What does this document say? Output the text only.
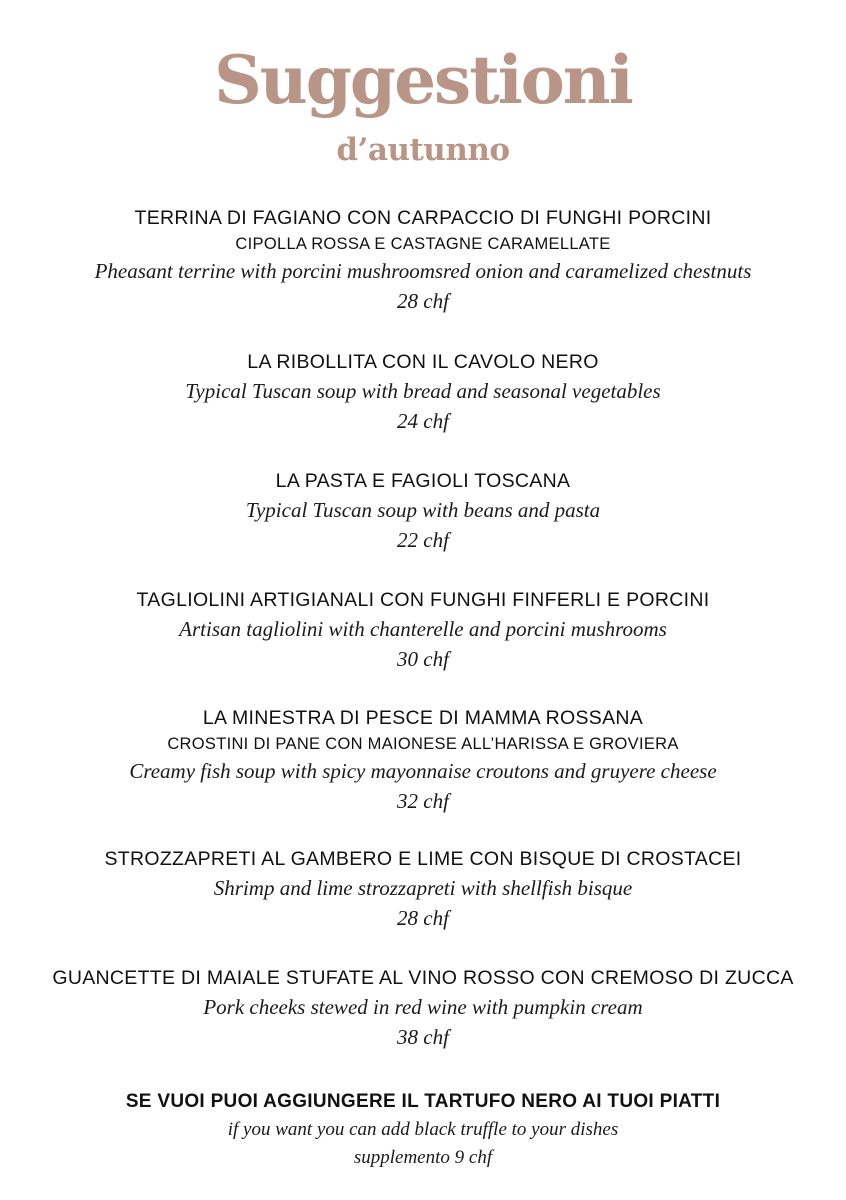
Suggestioni
d’autunno
TERRINA DI FAGIANO CON CARPACCIO DI FUNGHI PORCINI
CIPOLLA ROSSA E CASTAGNE CARAMELLATE
Pheasant terrine with porcini mushroomsred onion and caramelized chestnuts
28 chf
LA RIBOLLITA CON IL CAVOLO NERO
Typical Tuscan soup with bread and seasonal vegetables
24 chf
LA PASTA E FAGIOLI TOSCANA
Typical Tuscan soup with beans and pasta
22 chf
TAGLIOLINI ARTIGIANALI CON FUNGHI FINFERLI E PORCINI
Artisan tagliolini with chanterelle and porcini mushrooms
30 chf
LA MINESTRA DI PESCE DI MAMMA ROSSANA
CROSTINI DI PANE CON MAIONESE ALL’HARISSA E GROVIERA
Creamy fish soup with spicy mayonnaise croutons and gruyere cheese
32 chf
STROZZAPRETI AL GAMBERO E LIME CON BISQUE DI CROSTACEI
Shrimp and lime strozzapreti with shellfish bisque
28 chf
GUANCETTE DI MAIALE STUFATE AL VINO ROSSO CON CREMOSO DI ZUCCA
Pork cheeks stewed in red wine with pumpkin cream
38 chf
SE VUOI PUOI AGGIUNGERE IL TARTUFO NERO AI TUOI PIATTI
if you want you can add black truffle to your dishes
supplemento 9 chf
